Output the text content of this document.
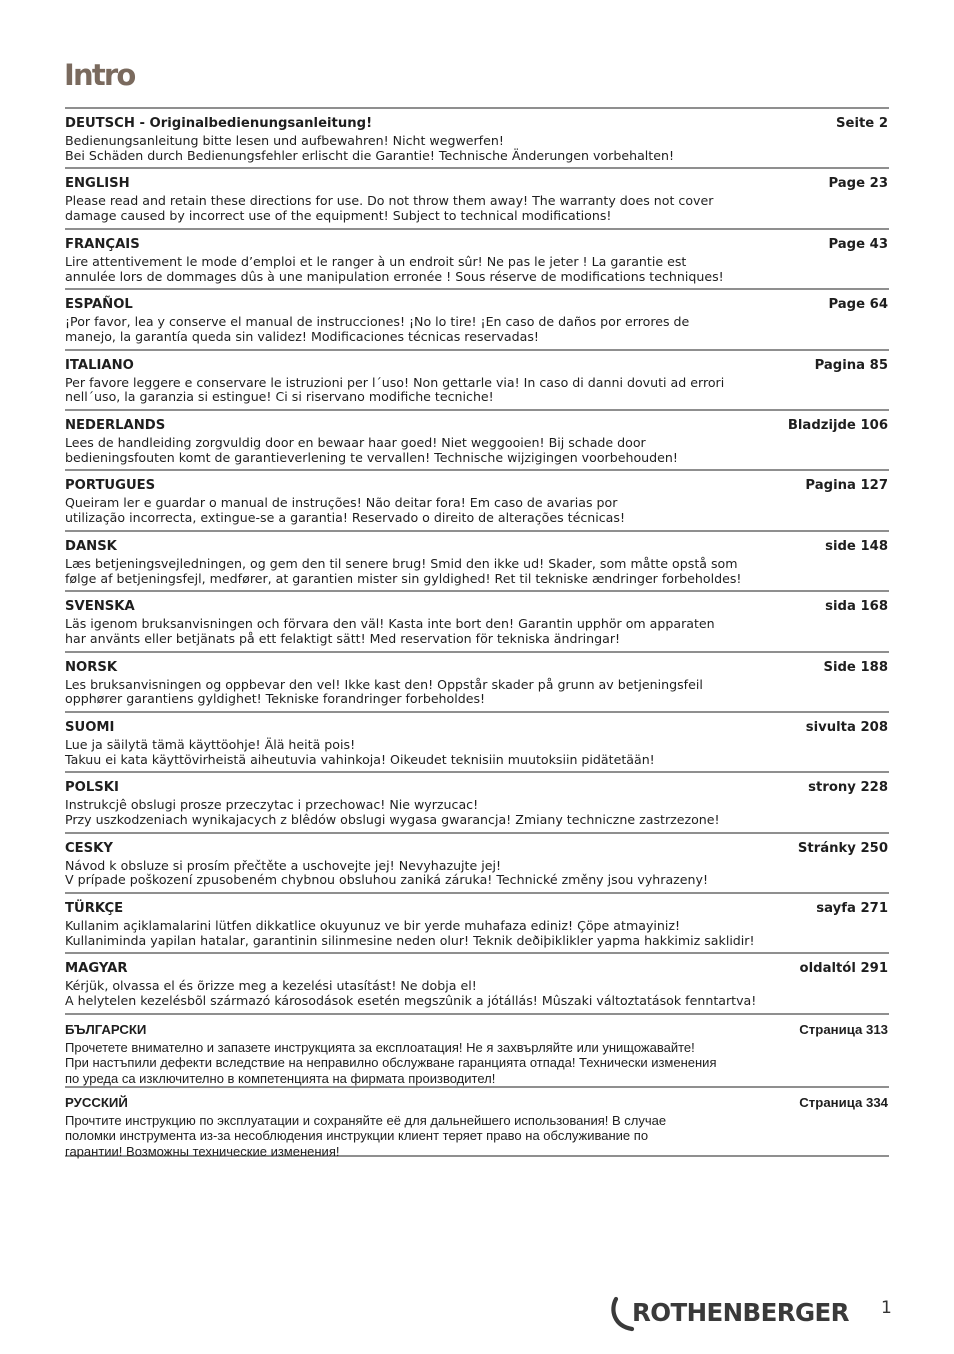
Intro
DEUTSCH - Originalbedienungsanleitung!	Seite 2
Bedienungsanleitung bitte lesen und aufbewahren! Nicht wegwerfen!
Bei Schäden durch Bedienungsfehler erlischt die Garantie! Technische Änderungen vorbehalten!
ENGLISH	Page 23
Please read and retain these directions for use. Do not throw them away! The warranty does not cover
damage caused by incorrect use of the equipment! Subject to technical modifications!
FRANÇAIS	Page 43
Lire attentivement le mode d’emploi et le ranger à un endroit sûr! Ne pas le jeter ! La garantie est
annulée lors de dommages dûs à une manipulation erronée ! Sous réserve de modifications techniques!
ESPAÑOL	Page 64
¡Por favor, lea y conserve el manual de instrucciones! ¡No lo tire! ¡En caso de daños por errores de
manejo, la garantía queda sin validez! Modificaciones técnicas reservadas!
ITALIANO	Pagina 85
Per favore leggere e conservare le istruzioni per l´uso! Non gettarle via! In caso di danni dovuti ad errori
nell´uso, la garanzia si estingue! Ci si riservano modifiche tecniche!
NEDERLANDS	Bladzijde 106
Lees de handleiding zorgvuldig door en bewaar haar goed! Niet weggooien! Bij schade door
bedieningsfouten komt de garantieverlening te vervallen! Technische wijzigingen voorbehouden!
PORTUGUES	Pagina 127
Queiram ler e guardar o manual de instruções! Não deitar fora! Em caso de avarias por
utilização incorrecta, extingue-se a garantia! Reservado o direito de alterações técnicas!
DANSK	side 148
Læs betjeningsvejledningen, og gem den til senere brug! Smid den ikke ud! Skader, som måtte opstå som
følge af betjeningsfejl, medfører, at garantien mister sin gyldighed! Ret til tekniske ændringer forbeholdes!
SVENSKA	sida 168
Läs igenom bruksanvisningen och förvara den väl! Kasta inte bort den! Garantin upphör om apparaten
har använts eller betjänats på ett felaktigt sätt! Med reservation för tekniska ändringar!
NORSK	Side 188
Les bruksanvisningen og oppbevar den vel! Ikke kast den! Oppstår skader på grunn av betjeningsfeil
opphører garantiens gyldighet! Tekniske forandringer forbeholdes!
SUOMI	sivulta 208
Lue ja säilytä tämä käyttöohje! Älä heitä pois!
Takuu ei kata käyttövirheistä aiheutuvia vahinkoja! Oikeudet teknisiin muutoksiin pidätetään!
POLSKI	strony 228
Instrukcjê obslugi prosze przeczytac i przechowac! Nie wyrzucac!
Przy uszkodzeniach wynikajacych z blêdów obslugi wygasa gwarancja! Zmiany techniczne zastrzezone!
CESKY	Stránky 250
Návod k obsluze si prosím přečtěte a uschovejte jej! Nevyhazujte jej!
V prípade poškození zpusobeném chybnou obsluhou zaniká záruka! Technické změny jsou vyhrazeny!
TÜRKÇE	sayfa 271
Kullanim açiklamalarini lütfen dikkatlice okuyunuz ve bir yerde muhafaza ediniz! Çöpe atmayiniz!
Kullaniminda yapilan hatalar, garantinin silinmesine neden olur! Teknik deðiþiklikler yapma hakkimiz saklidir!
MAGYAR	oldaltól 291
Kérjük, olvassa el és õrizze meg a kezelési utasítást! Ne dobja el!
A helytelen kezelésbõl származó károsodások esetén megszûnik a jótállás! Mûszaki változtatások fenntartva!
БЪЛГАРСКИ	Страница 313
Прочетете внимателно и запазете инструкцията за експлоатация! Не я захвърляйте или унищожавайте!
При настъпили дефекти вследствие на неправилно обслужване гаранцията отпада! Технически изменения
по уреда са изключително в компетенцията на фирмата производител!
РУССКИЙ	Страница 334
Прочтите инструкцию по эксплуатации и сохраняйте её для дальнейшего использования! В случае
поломки инструмента из-за несоблюдения инструкции клиент теряет право на обслуживание по
гарантии! Возможны технические изменения!
ROTHENBERGER 1
